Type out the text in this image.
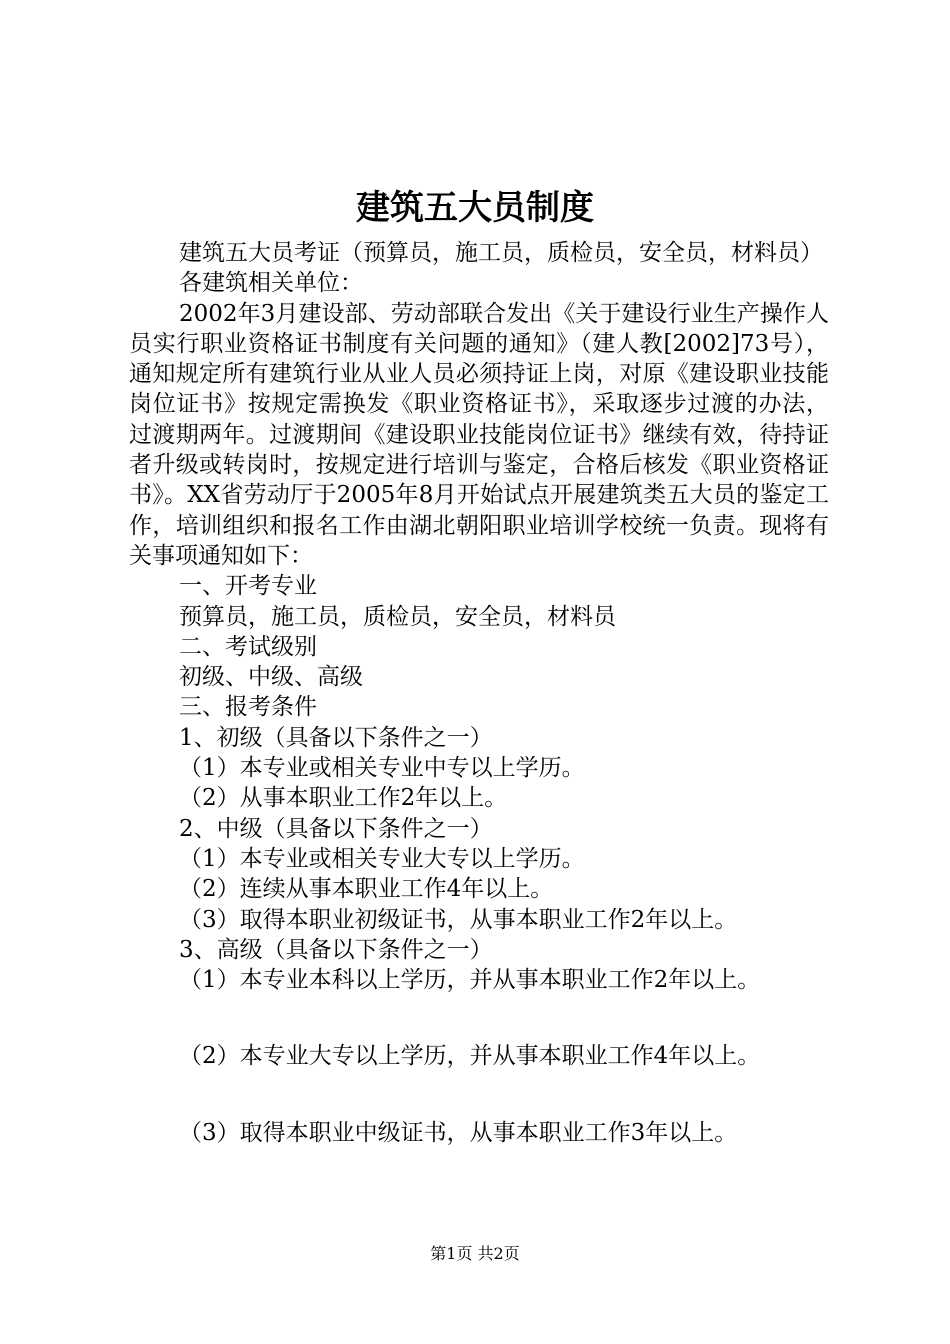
建筑五大员制度

建筑五大员考证（预算员，施工员，质检员，安全员，材料员）

各建筑相关单位：

2002年3月建设部、劳动部联合发出《关于建设行业生产操作人员实行职业资格证书制度有关问题的通知》（建人教[2002]73号），通知规定所有建筑行业从业人员必须持证上岗，对原《建设职业技能岗位证书》按规定需换发《职业资格证书》，采取逐步过渡的办法，过渡期两年。过渡期间《建设职业技能岗位证书》继续有效，待持证者升级或转岗时，按规定进行培训与鉴定，合格后核发《职业资格证书》。XX省劳动厅于2005年8月开始试点开展建筑类五大员的鉴定工作，培训组织和报名工作由湖北朝阳职业培训学校统一负责。现将有关事项通知如下：

一、开考专业

预算员，施工员，质检员，安全员，材料员

二、考试级别

初级、中级、高级

三、报考条件

1、初级（具备以下条件之一）

（1）本专业或相关专业中专以上学历。

（2）从事本职业工作2年以上。

2、中级（具备以下条件之一）

（1）本专业或相关专业大专以上学历。

（2）连续从事本职业工作4年以上。

（3）取得本职业初级证书，从事本职业工作2年以上。

3、高级（具备以下条件之一）

（1）本专业本科以上学历，并从事本职业工作2年以上。

（2）本专业大专以上学历，并从事本职业工作4年以上。

（3）取得本职业中级证书，从事本职业工作3年以上。

第1页 共2页
